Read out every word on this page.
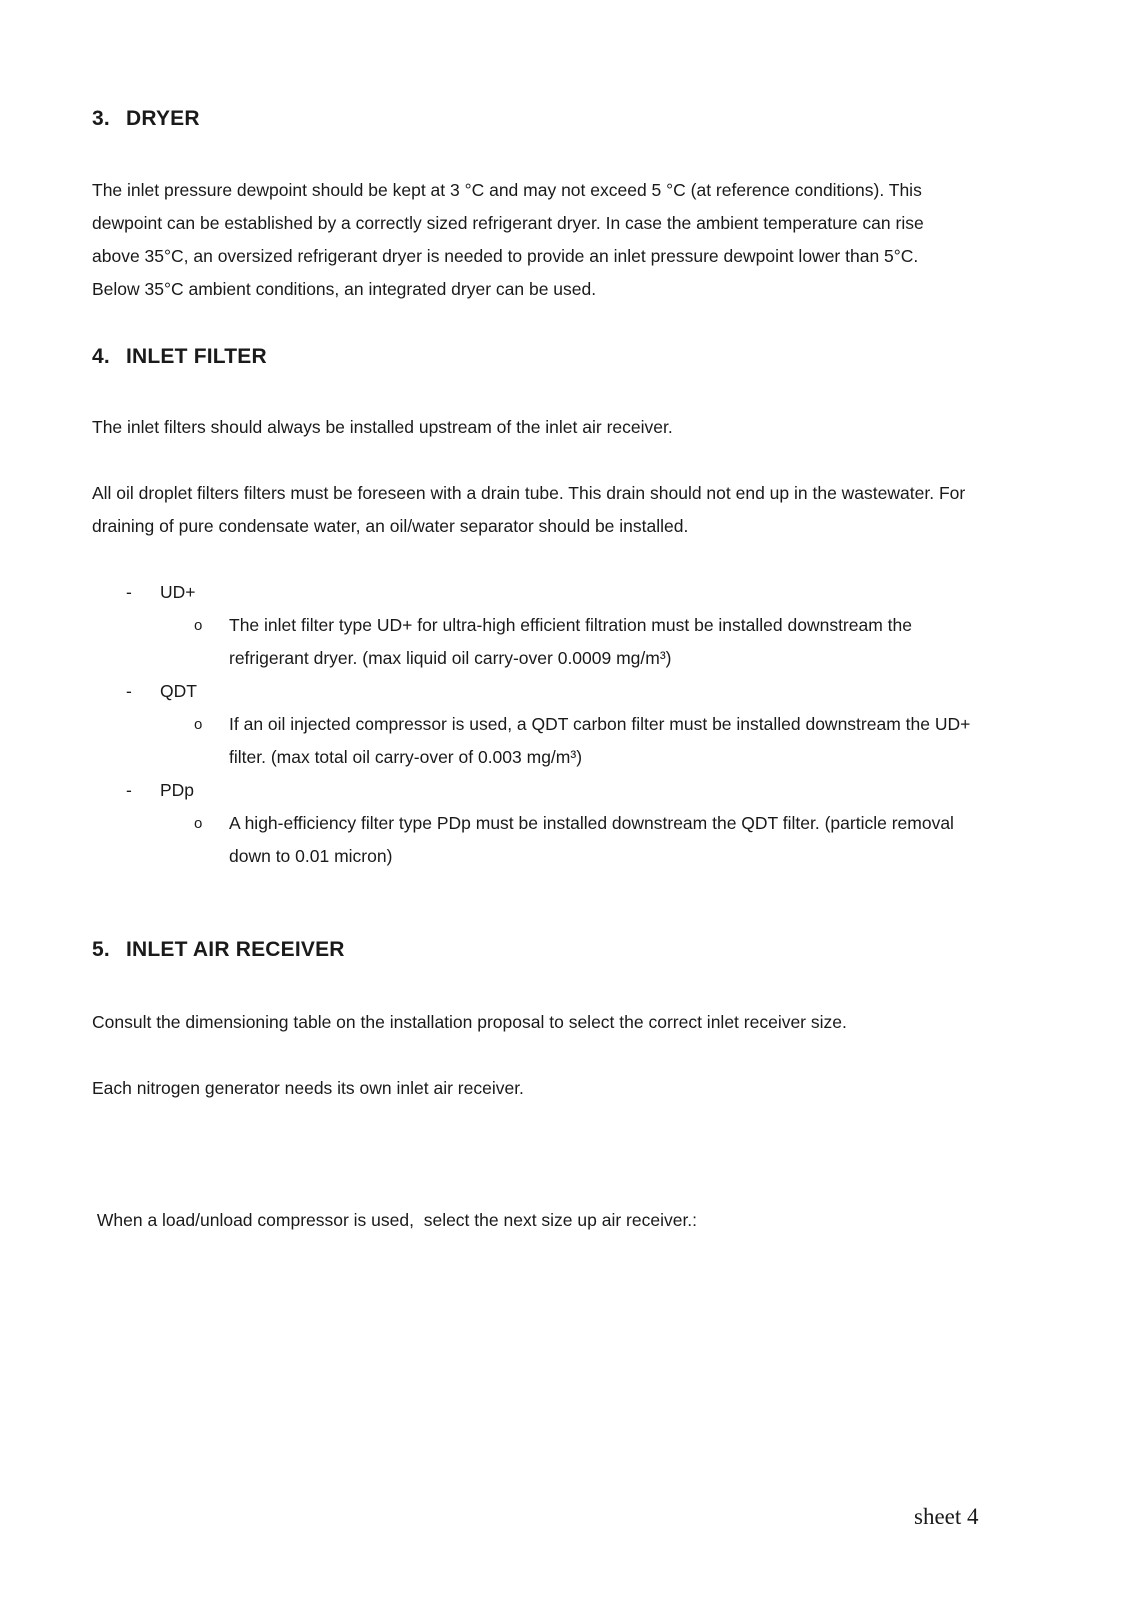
3. DRYER
The inlet pressure dewpoint should be kept at 3 °C and may not exceed 5 °C (at reference conditions). This
dewpoint can be established by a correctly sized refrigerant dryer. In case the ambient temperature can rise
above 35°C, an oversized refrigerant dryer is needed to provide an inlet pressure dewpoint lower than 5°C.
Below 35°C ambient conditions, an integrated dryer can be used.
4. INLET FILTER
The inlet filters should always be installed upstream of the inlet air receiver.
All oil droplet filters filters must be foreseen with a drain tube. This drain should not end up in the wastewater. For
draining of pure condensate water, an oil/water separator should be installed.
- UD+
o The inlet filter type UD+ for ultra-high efficient filtration must be installed downstream the
refrigerant dryer. (max liquid oil carry-over 0.0009 mg/m³)
- QDT
o If an oil injected compressor is used, a QDT carbon filter must be installed downstream the UD+
filter. (max total oil carry-over of 0.003 mg/m³)
- PDp
o A high-efficiency filter type PDp must be installed downstream the QDT filter. (particle removal
down to 0.01 micron)
5. INLET AIR RECEIVER
Consult the dimensioning table on the installation proposal to select the correct inlet receiver size.
Each nitrogen generator needs its own inlet air receiver.

When a load/unload compressor is used,  select the next size up air receiver.:

sheet 4
